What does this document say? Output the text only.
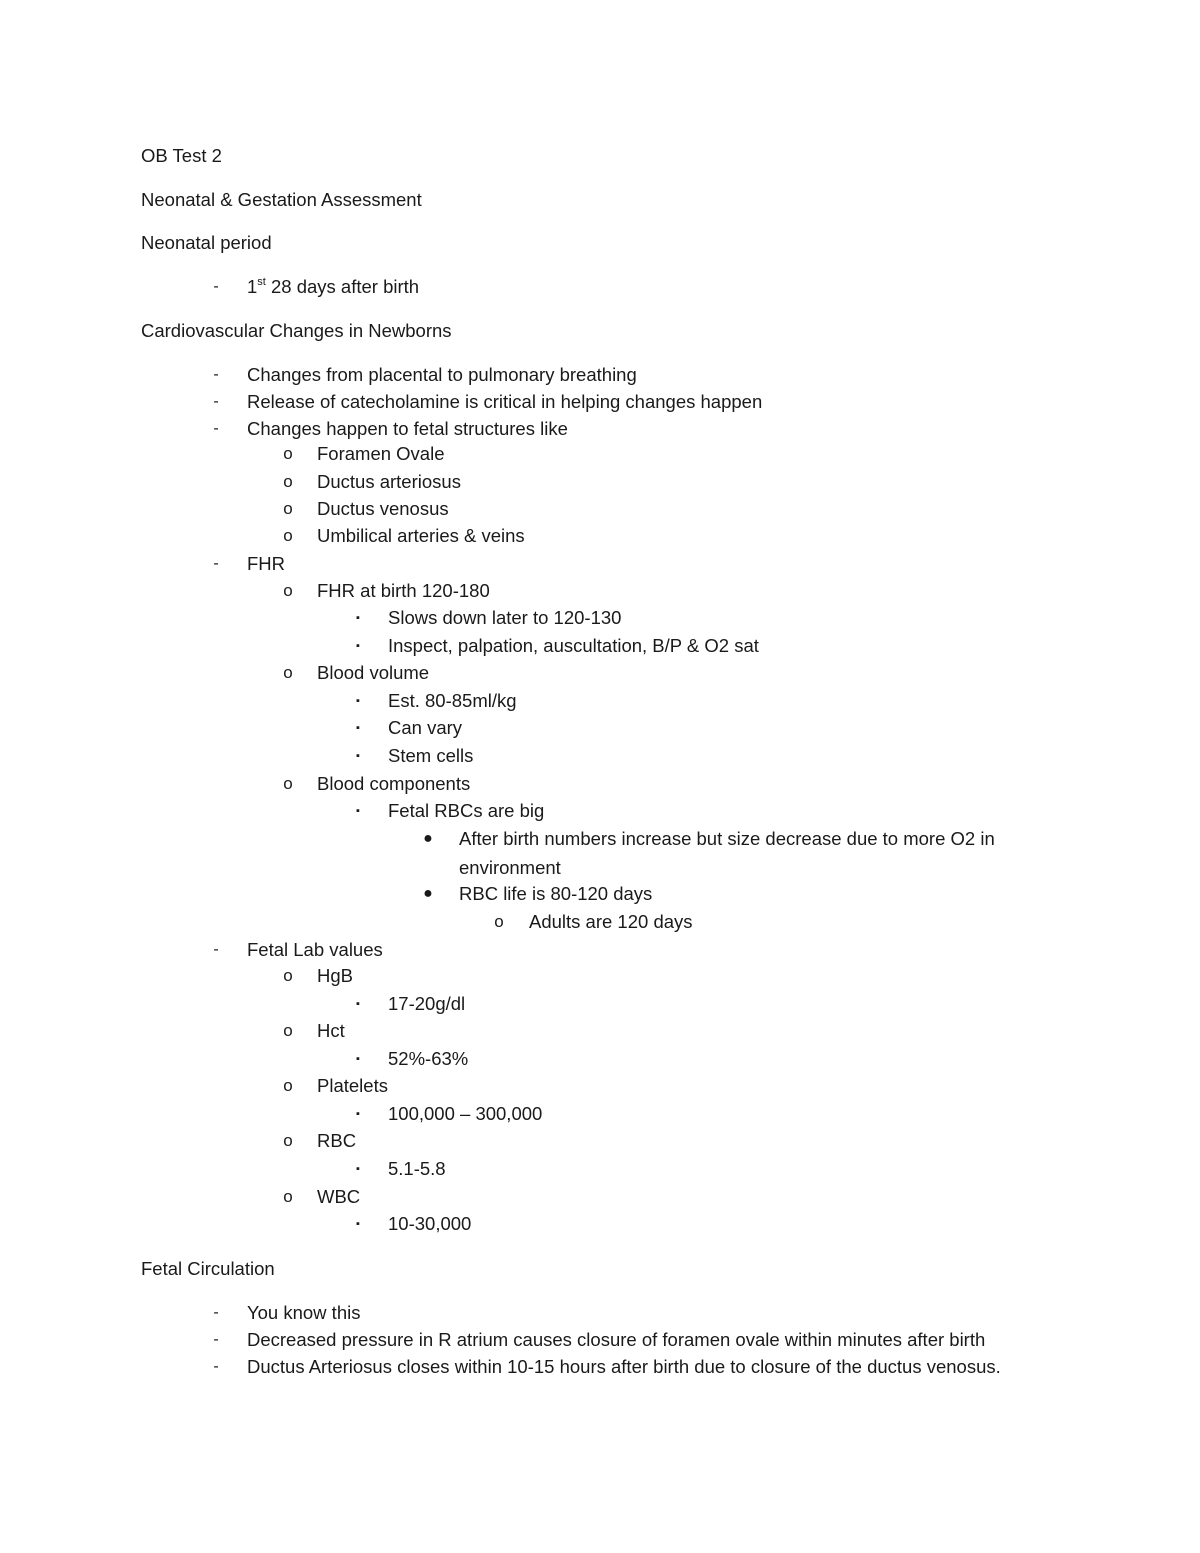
OB Test 2
Neonatal & Gestation Assessment
Neonatal period
- 1st 28 days after birth
Cardiovascular Changes in Newborns
- Changes from placental to pulmonary breathing
- Release of catecholamine is critical in helping changes happen
- Changes happen to fetal structures like
o Foramen Ovale
o Ductus arteriosus
o Ductus venosus
o Umbilical arteries & veins
- FHR
o FHR at birth 120-180
▪ Slows down later to 120-130
▪ Inspect, palpation, auscultation, B/P & O2 sat
o Blood volume
▪ Est. 80-85ml/kg
▪ Can vary
▪ Stem cells
o Blood components
▪ Fetal RBCs are big
● After birth numbers increase but size decrease due to more O2 in
environment
● RBC life is 80-120 days
o Adults are 120 days
- Fetal Lab values
o HgB
▪ 17-20g/dl
o Hct
▪ 52%-63%
o Platelets
▪ 100,000 – 300,000
o RBC
▪ 5.1-5.8
o WBC
▪ 10-30,000
Fetal Circulation
- You know this
- Decreased pressure in R atrium causes closure of foramen ovale within minutes after birth
- Ductus Arteriosus closes within 10-15 hours after birth due to closure of the ductus venosus.
